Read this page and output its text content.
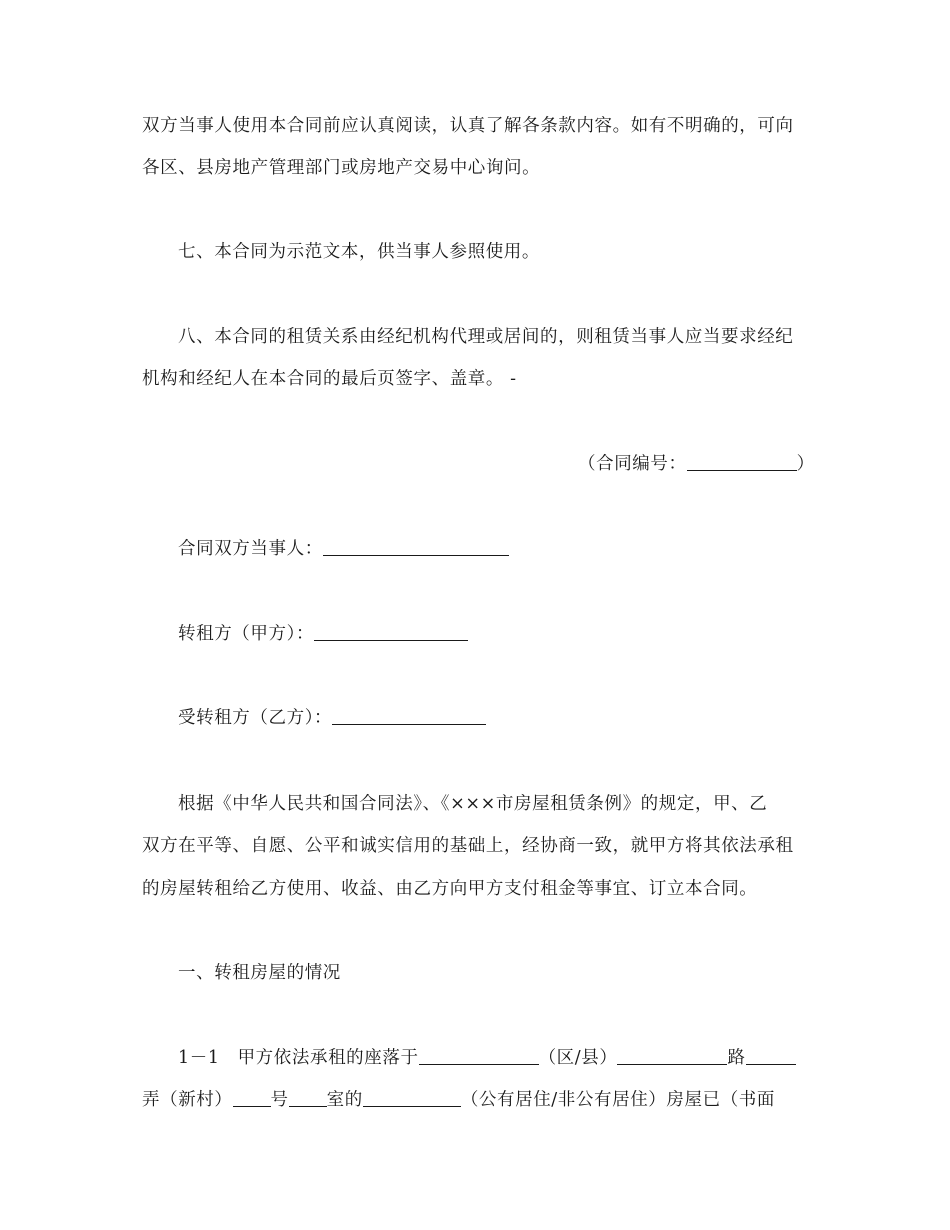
双方当事人使用本合同前应认真阅读，认真了解各条款内容。如有不明确的，可向
各区、县房地产管理部门或房地产交易中心询问。
七、本合同为示范文本，供当事人参照使用。
八、本合同的租赁关系由经纪机构代理或居间的，则租赁当事人应当要求经纪
机构和经纪人在本合同的最后页签字、盖章。 -
（合同编号：	）
合同双方当事人：
转租方（甲方）：
受转租方（乙方）：
根据《中华人民共和国合同法》、《×××市房屋租赁条例》的规定，甲、乙
双方在平等、自愿、公平和诚实信用的基础上，经协商一致，就甲方将其依法承租
的房屋转租给乙方使用、收益、由乙方向甲方支付租金等事宜、订立本合同。
一、转租房屋的情况
1－1 甲方依法承租的座落于	（区/县）	路
弄（新村） 号 室的	（公有居住/非公有居住）房屋已（书面
